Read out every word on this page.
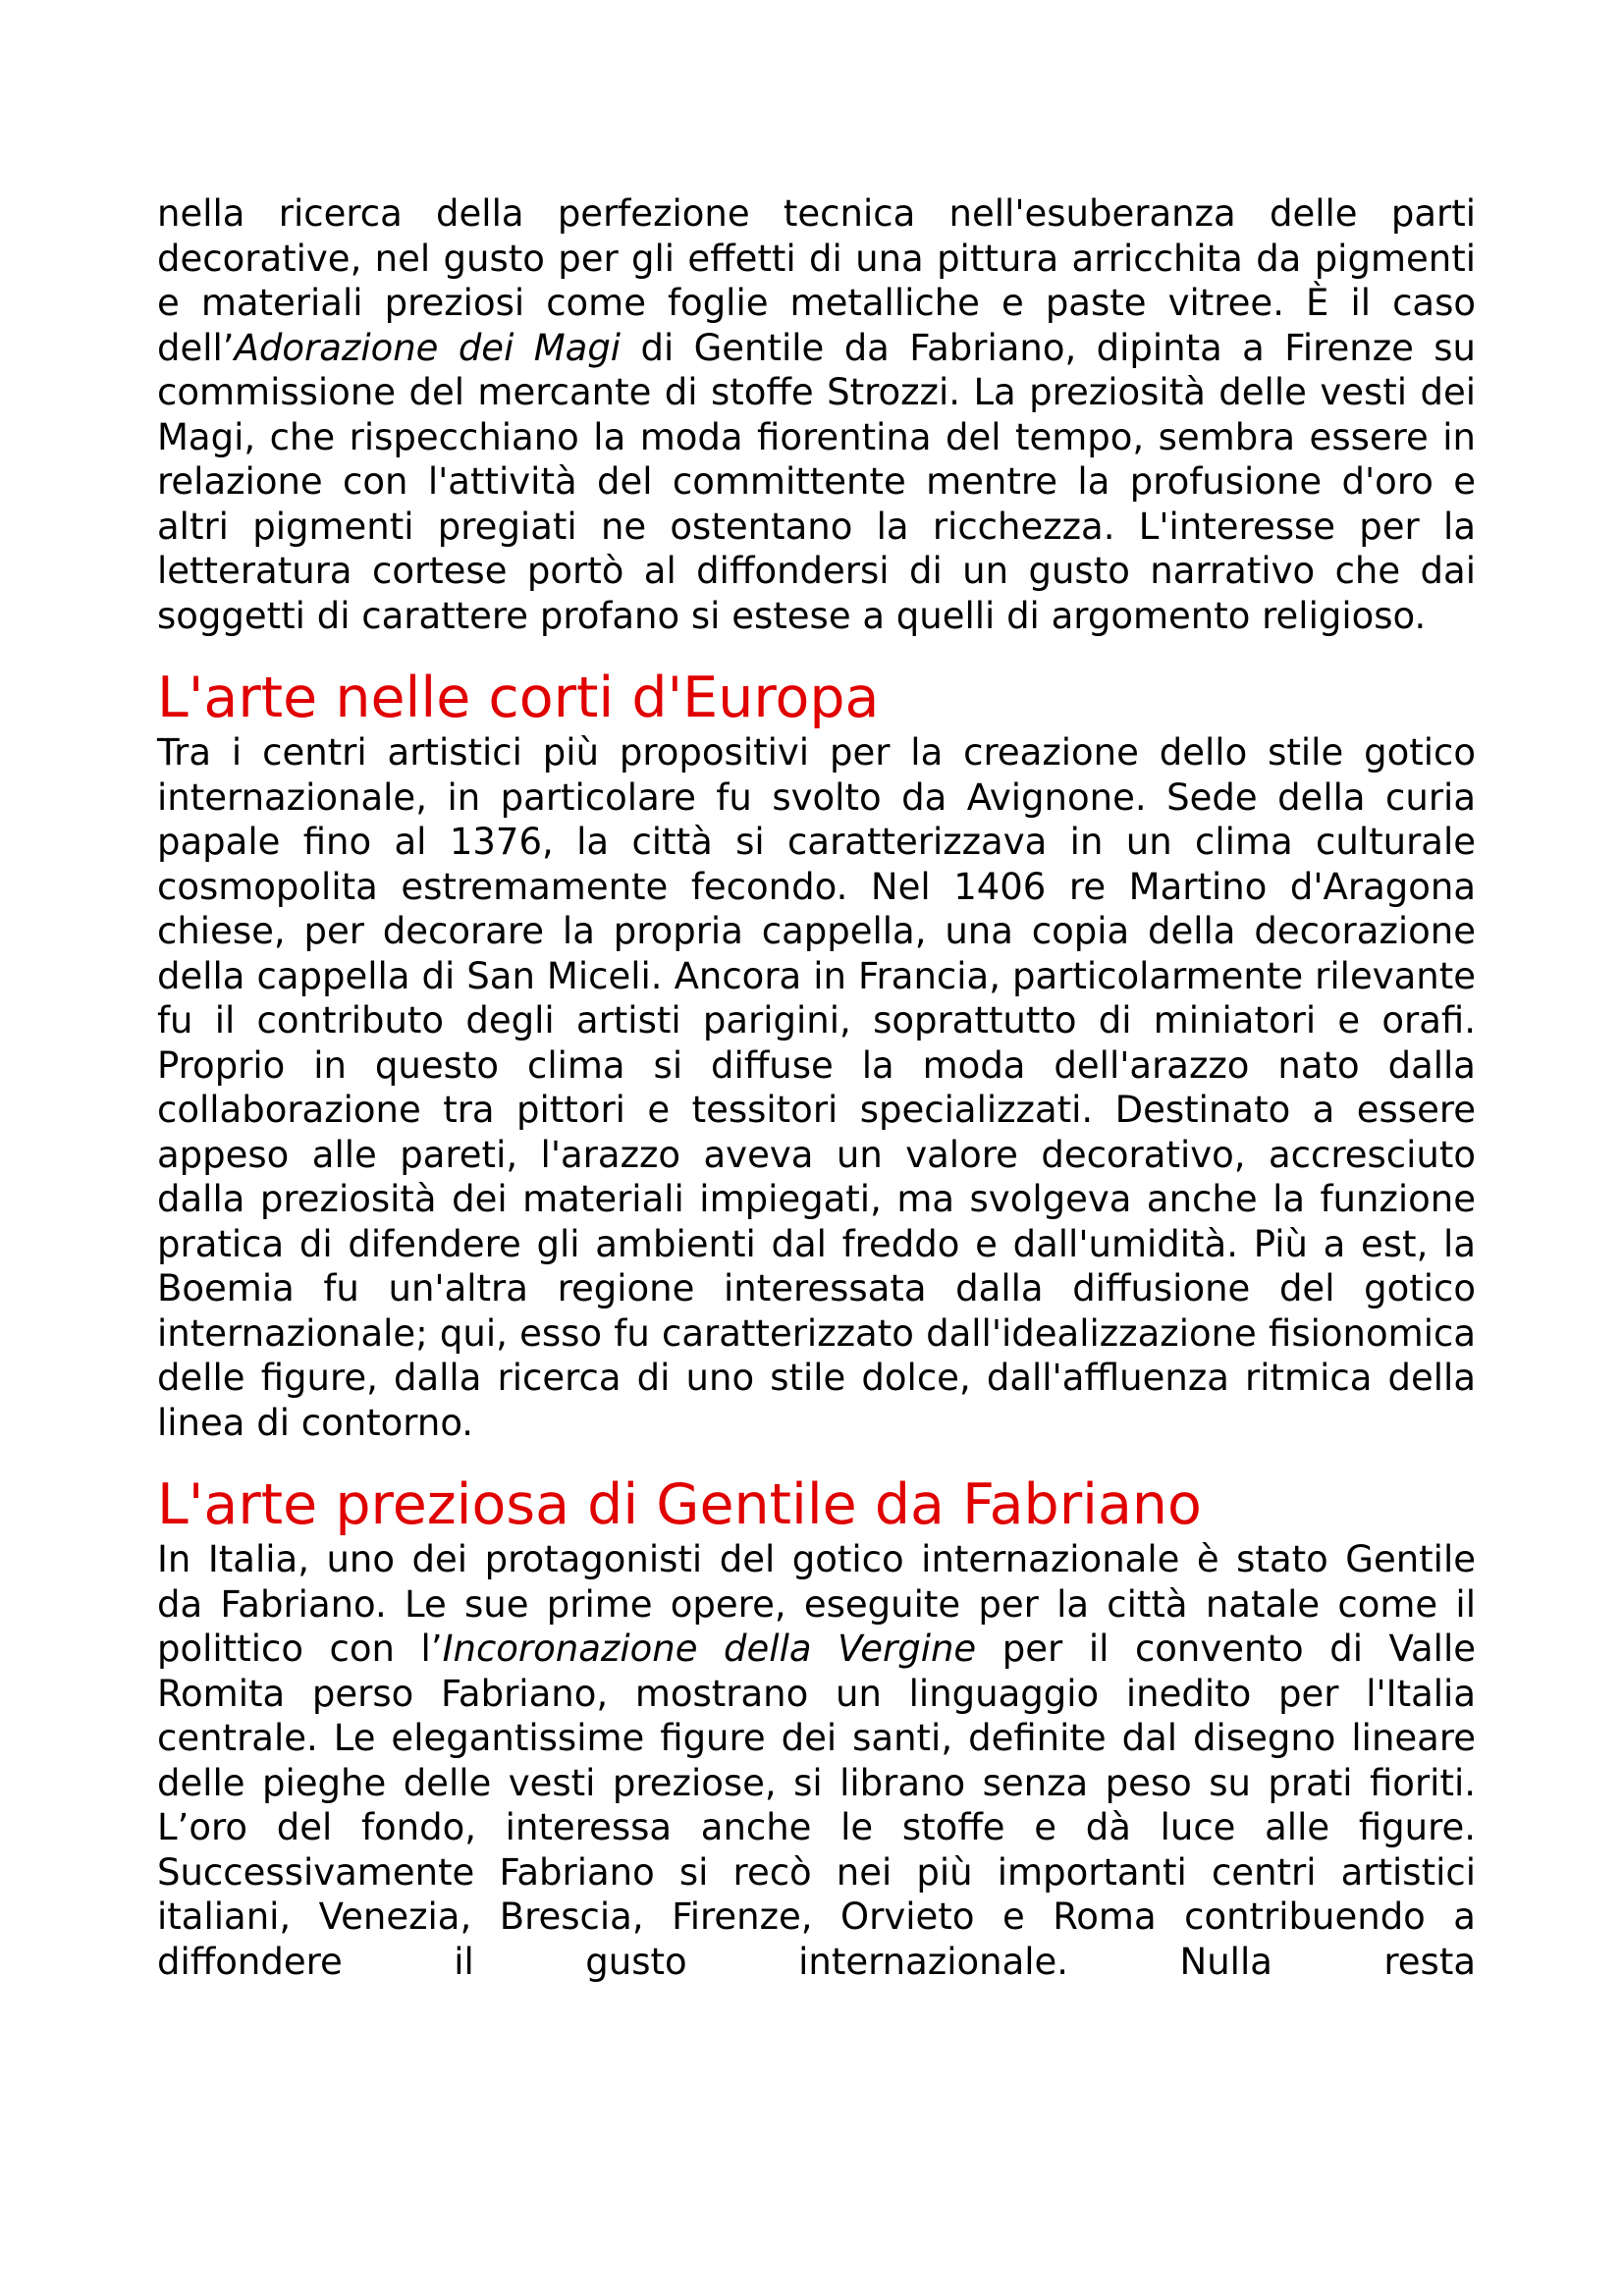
nella ricerca della perfezione tecnica nell'esuberanza delle parti decorative, nel gusto per gli effetti di una pittura arricchita da pigmenti e materiali preziosi come foglie metalliche e paste vitree. È il caso dell’Adorazione dei Magi di Gentile da Fabriano, dipinta a Firenze su commissione del mercante di stoffe Strozzi. La preziosità delle vesti dei Magi, che rispecchiano la moda fiorentina del tempo, sembra essere in relazione con l'attività del committente mentre la profusione d'oro e altri pigmenti pregiati ne ostentano la ricchezza. L'interesse per la letteratura cortese portò al diffondersi di un gusto narrativo che dai soggetti di carattere profano si estese a quelli di argomento religioso.

L'arte nelle corti d'Europa

Tra i centri artistici più propositivi per la creazione dello stile gotico internazionale, in particolare fu svolto da Avignone. Sede della curia papale fino al 1376, la città si caratterizzava in un clima culturale cosmopolita estremamente fecondo. Nel 1406 re Martino d'Aragona chiese, per decorare la propria cappella, una copia della decorazione della cappella di San Miceli. Ancora in Francia, particolarmente rilevante fu il contributo degli artisti parigini, soprattutto di miniatori e orafi. Proprio in questo clima si diffuse la moda dell'arazzo nato dalla collaborazione tra pittori e tessitori specializzati. Destinato a essere appeso alle pareti, l'arazzo aveva un valore decorativo, accresciuto dalla preziosità dei materiali impiegati, ma svolgeva anche la funzione pratica di difendere gli ambienti dal freddo e dall'umidità. Più a est, la Boemia fu un'altra regione interessata dalla diffusione del gotico internazionale; qui, esso fu caratterizzato dall'idealizzazione fisionomica delle figure, dalla ricerca di uno stile dolce, dall'affluenza ritmica della linea di contorno.

L'arte preziosa di Gentile da Fabriano

In Italia, uno dei protagonisti del gotico internazionale è stato Gentile da Fabriano. Le sue prime opere, eseguite per la città natale come il polittico con l’Incoronazione della Vergine per il convento di Valle Romita perso Fabriano, mostrano un linguaggio inedito per l'Italia centrale. Le elegantissime figure dei santi, definite dal disegno lineare delle pieghe delle vesti preziose, si librano senza peso su prati fioriti. L’oro del fondo, interessa anche le stoffe e dà luce alle figure. Successivamente Fabriano si recò nei più importanti centri artistici italiani, Venezia, Brescia, Firenze, Orvieto e Roma contribuendo a diffondere il gusto internazionale. Nulla resta
